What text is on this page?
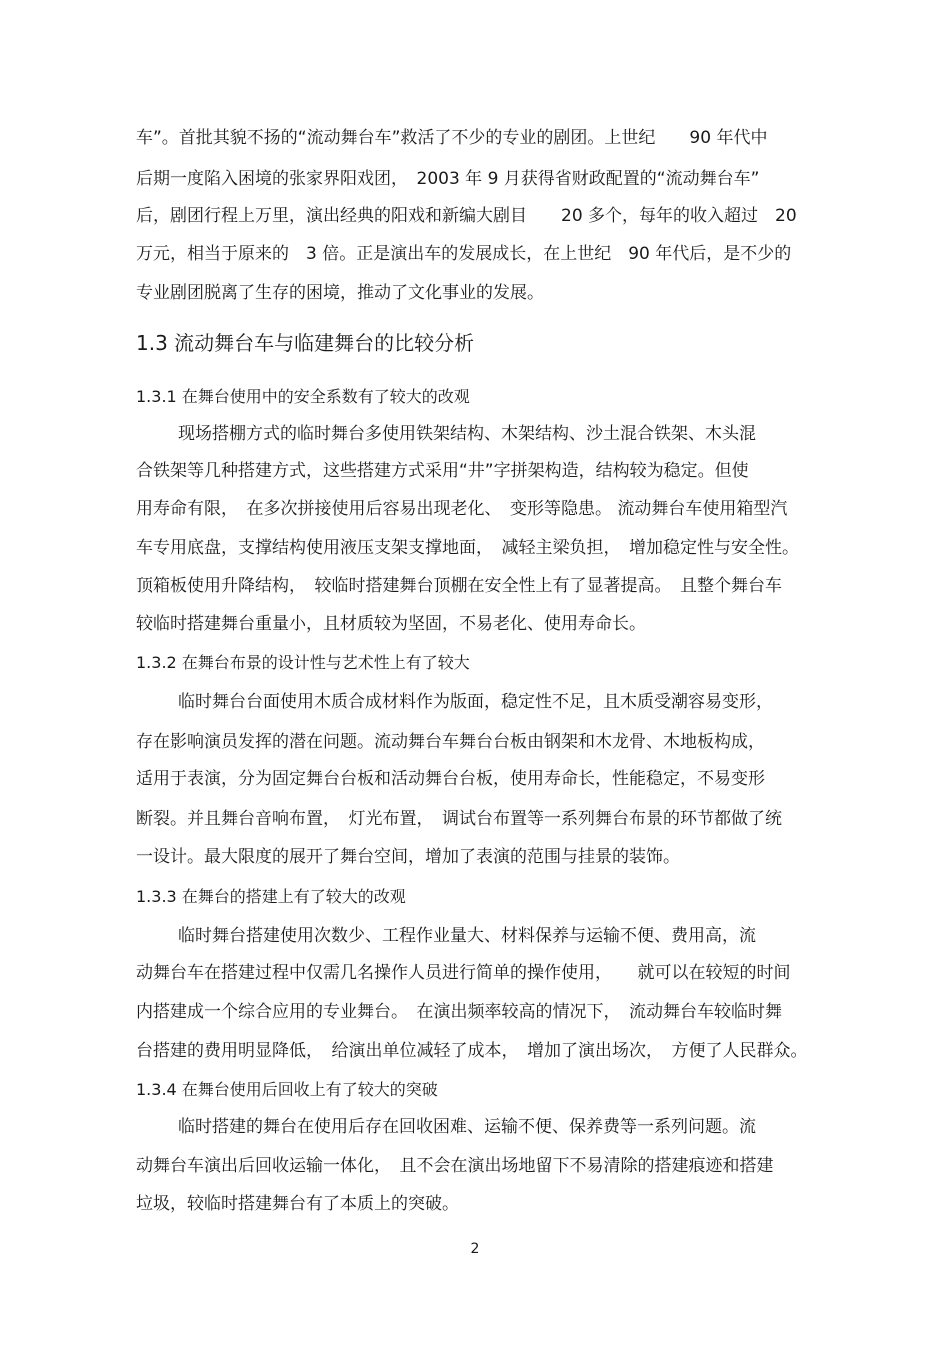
车”。首批其貌不扬的“流动舞台车”救活了不少的专业的剧团。上世纪　　90 年代中
后期一度陷入困境的张家界阳戏团，　2003 年 9 月获得省财政配置的“流动舞台车”
后，剧团行程上万里，演出经典的阳戏和新编大剧目　　20 多个，每年的收入超过　20
万元，相当于原来的　3 倍。正是演出车的发展成长，在上世纪　90 年代后，是不少的
专业剧团脱离了生存的困境，推动了文化事业的发展。
1.3 流动舞台车与临建舞台的比较分析
1.3.1 在舞台使用中的安全系数有了较大的改观
现场搭棚方式的临时舞台多使用铁架结构、木架结构、沙土混合铁架、木头混
合铁架等几种搭建方式，这些搭建方式采用“井”字拼架构造，结构较为稳定。但使
用寿命有限，　在多次拼接使用后容易出现老化、　变形等隐患。 流动舞台车使用箱型汽
车专用底盘，支撑结构使用液压支架支撑地面，　减轻主梁负担，　增加稳定性与安全性。
顶箱板使用升降结构，　较临时搭建舞台顶棚在安全性上有了显著提高。　且整个舞台车
较临时搭建舞台重量小，且材质较为坚固，不易老化、使用寿命长。
1.3.2 在舞台布景的设计性与艺术性上有了较大
临时舞台台面使用木质合成材料作为版面，稳定性不足，且木质受潮容易变形，
存在影响演员发挥的潜在问题。流动舞台车舞台台板由钢架和木龙骨、木地板构成，
适用于表演，分为固定舞台台板和活动舞台台板，使用寿命长，性能稳定，不易变形
断裂。并且舞台音响布置，　灯光布置，　调试台布置等一系列舞台布景的环节都做了统
一设计。最大限度的展开了舞台空间，增加了表演的范围与挂景的装饰。
1.3.3 在舞台的搭建上有了较大的改观
临时舞台搭建使用次数少、工程作业量大、材料保养与运输不便、费用高，流
动舞台车在搭建过程中仅需几名操作人员进行简单的操作使用，　　就可以在较短的时间
内搭建成一个综合应用的专业舞台。　在演出频率较高的情况下，　流动舞台车较临时舞
台搭建的费用明显降低，　给演出单位减轻了成本，　增加了演出场次，　方便了人民群众。
1.3.4 在舞台使用后回收上有了较大的突破
临时搭建的舞台在使用后存在回收困难、运输不便、保养费等一系列问题。流
动舞台车演出后回收运输一体化，　且不会在演出场地留下不易清除的搭建痕迹和搭建
垃圾，较临时搭建舞台有了本质上的突破。
2
